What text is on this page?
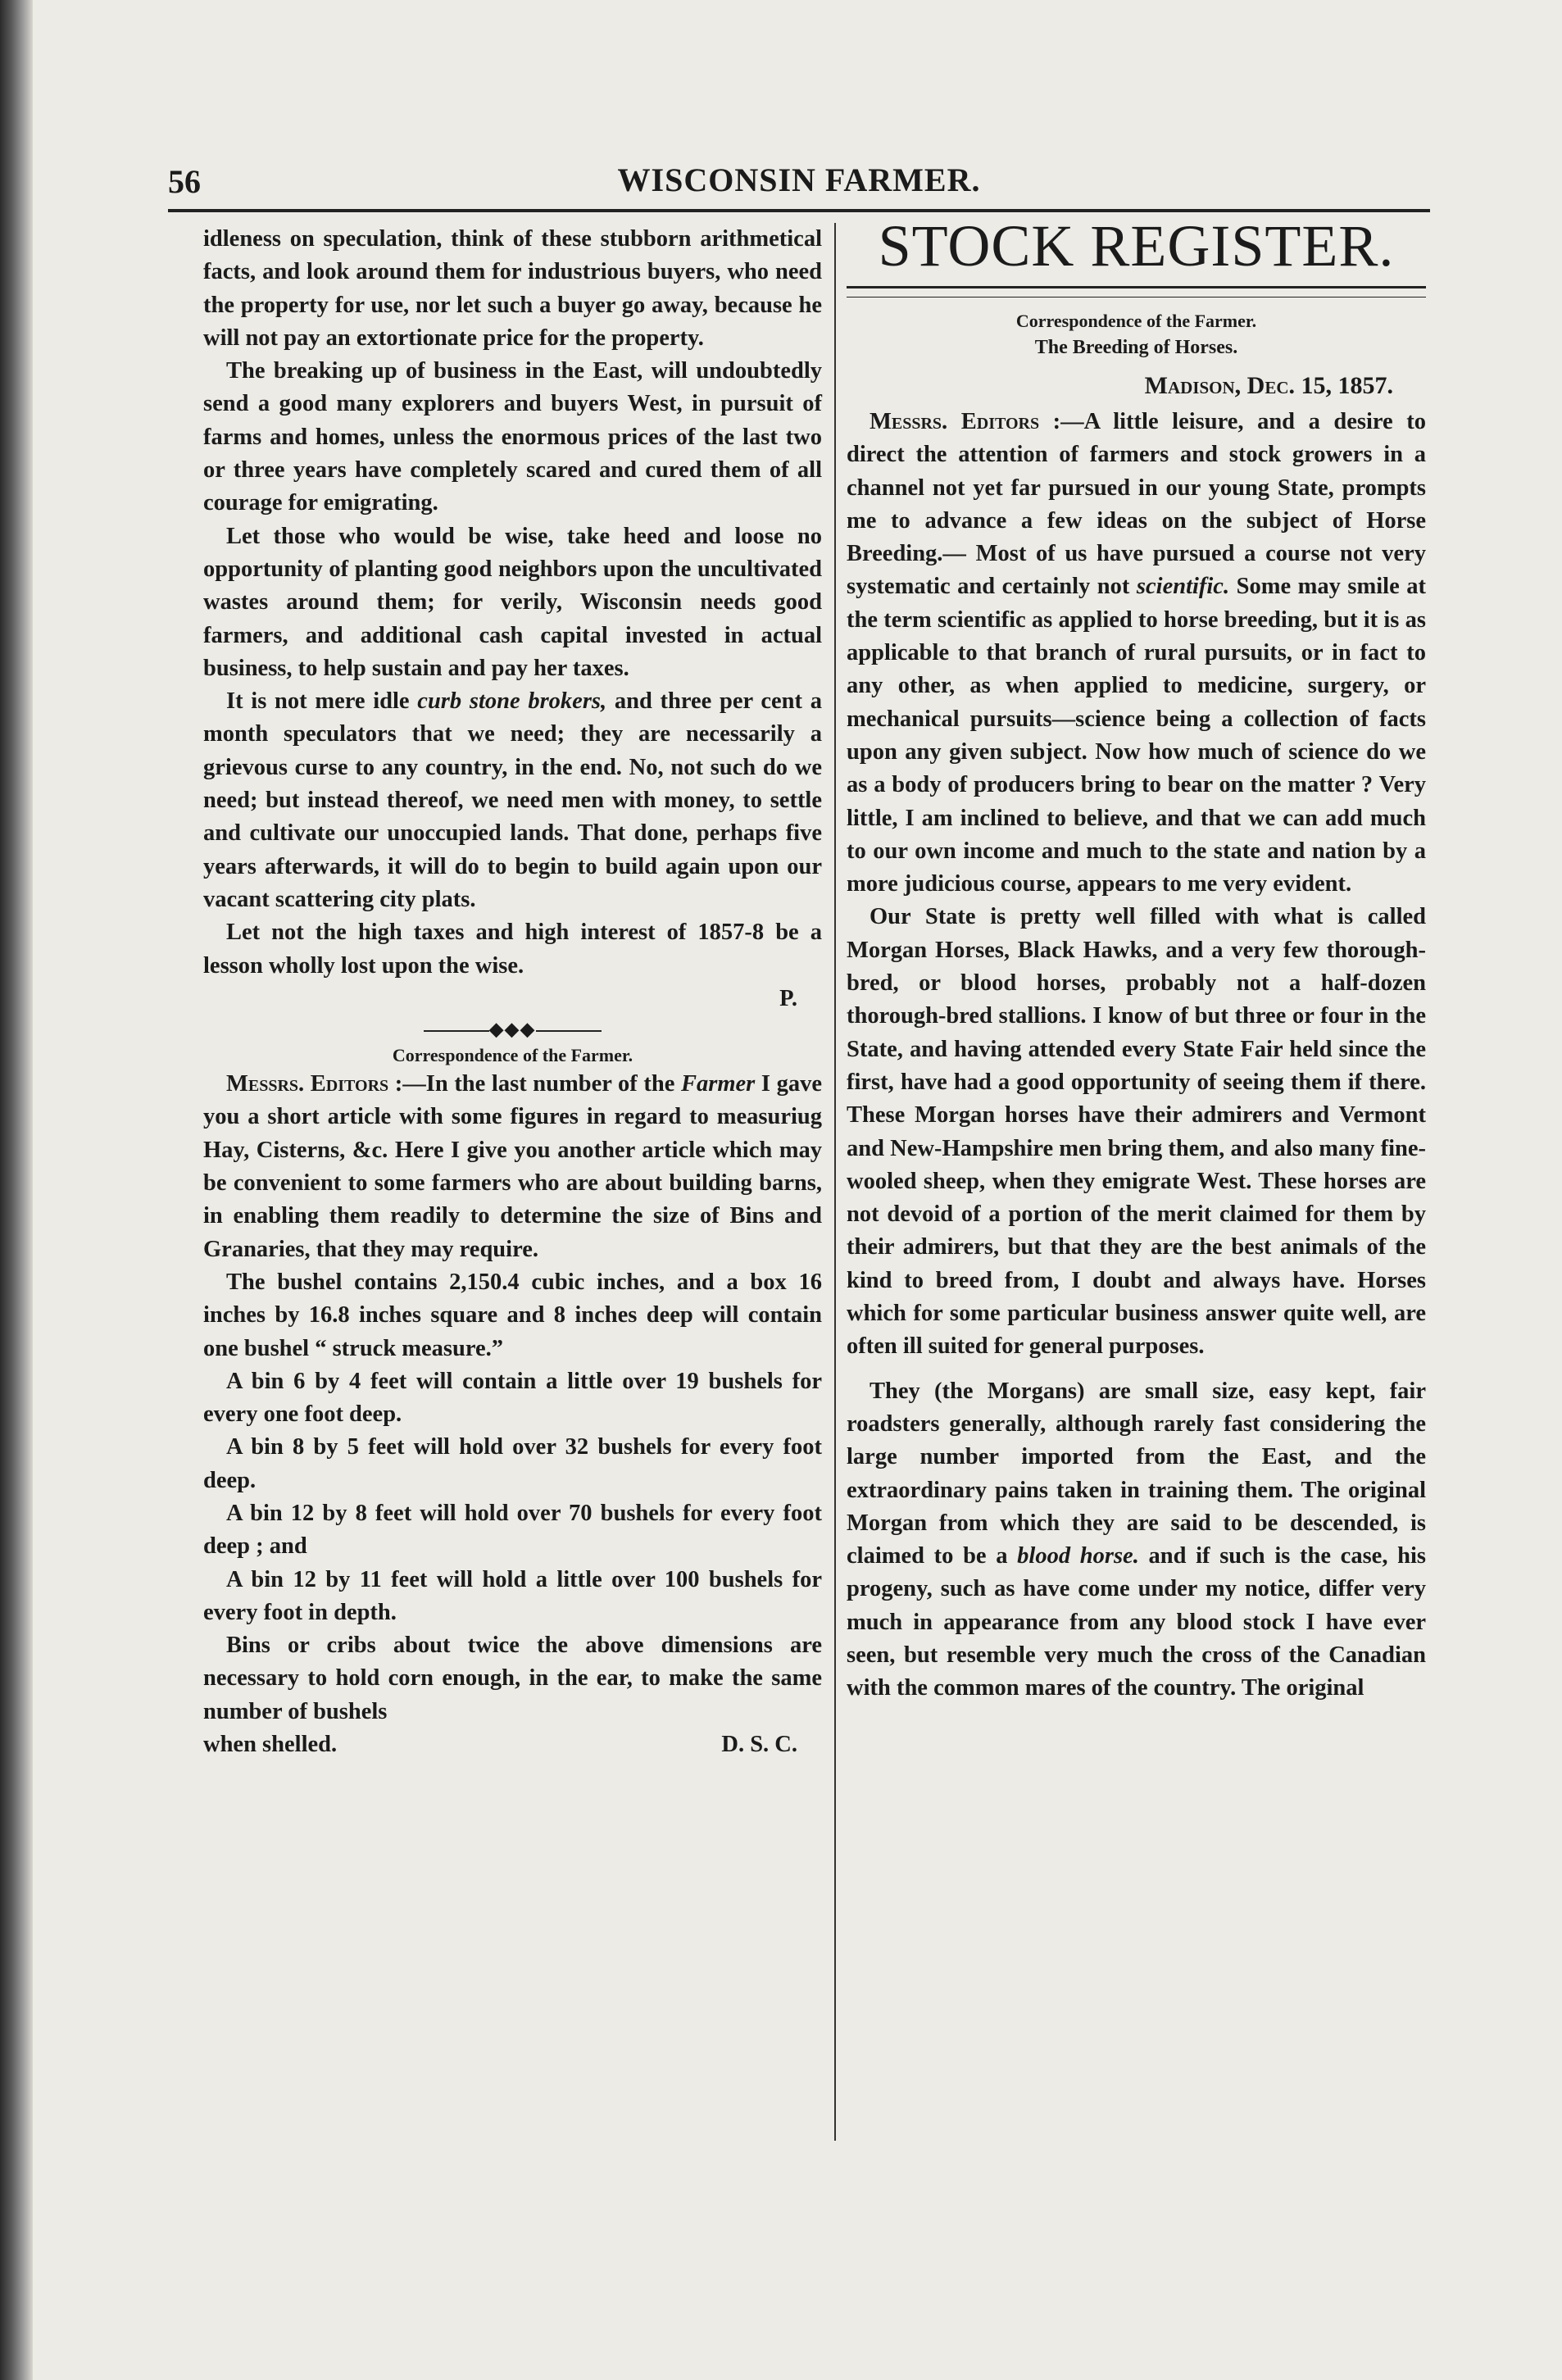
56	WISCONSIN FARMER.

idleness on speculation, think of these stubborn arithmetical facts, and look around them for industrious buyers, who need the property for use, nor let such a buyer go away, because he will not pay an extortionate price for the property.

The breaking up of business in the East, will undoubtedly send a good many explorers and buyers West, in pursuit of farms and homes, unless the enormous prices of the last two or three years have completely scared and cured them of all courage for emigrating.

Let those who would be wise, take heed and loose no opportunity of planting good neighbors upon the uncultivated wastes around them; for verily, Wisconsin needs good farmers, and additional cash capital invested in actual business, to help sustain and pay her taxes.

It is not mere idle curb stone brokers, and three per cent a month speculators that we need; they are necessarily a grievous curse to any country, in the end. No, not such do we need; but instead thereof, we need men with money, to settle and cultivate our unoccupied lands. That done, perhaps five years afterwards, it will do to begin to build again upon our vacant scattering city plats.

Let not the high taxes and high interest of 1857-8 be a lesson wholly lost upon the wise.

P.

◆◆◆
Correspondence of the Farmer.

Messrs. Editors :—In the last number of the Farmer I gave you a short article with some figures in regard to measuriug Hay, Cisterns, &c. Here I give you another article which may be convenient to some farmers who are about building barns, in enabling them readily to determine the size of Bins and Granaries, that they may require.

The bushel contains 2,150.4 cubic inches, and a box 16 inches by 16.8 inches square and 8 inches deep will contain one bushel “ struck measure.”

A bin 6 by 4 feet will contain a little over 19 bushels for every one foot deep.

A bin 8 by 5 feet will hold over 32 bushels for every foot deep.

A bin 12 by 8 feet will hold over 70 bushels for every foot deep ; and

A bin 12 by 11 feet will hold a little over 100 bushels for every foot in depth.

Bins or cribs about twice the above dimensions are necessary to hold corn enough, in the ear, to make the same number of bushels

when shelled.	D. S. C.
STOCK REGISTER.
Correspondence of the Farmer.
The Breeding of Horses.
Madison, Dec. 15, 1857.

Messrs. Editors :—A little leisure, and a desire to direct the attention of farmers and stock growers in a channel not yet far pursued in our young State, prompts me to advance a few ideas on the subject of Horse Breeding.— Most of us have pursued a course not very systematic and certainly not scientific. Some may smile at the term scientific as applied to horse breeding, but it is as applicable to that branch of rural pursuits, or in fact to any other, as when applied to medicine, surgery, or mechanical pursuits—science being a collection of facts upon any given subject. Now how much of science do we as a body of producers bring to bear on the matter ? Very little, I am inclined to believe, and that we can add much to our own income and much to the state and nation by a more judicious course, appears to me very evident.

Our State is pretty well filled with what is called Morgan Horses, Black Hawks, and a very few thorough-bred, or blood horses, probably not a half-dozen thorough-bred stallions. I know of but three or four in the State, and having attended every State Fair held since the first, have had a good opportunity of seeing them if there. These Morgan horses have their admirers and Vermont and New-Hampshire men bring them, and also many fine-wooled sheep, when they emigrate West. These horses are not devoid of a portion of the merit claimed for them by their admirers, but that they are the best animals of the kind to breed from, I doubt and always have. Horses which for some particular business answer quite well, are often ill suited for general purposes.

They (the Morgans) are small size, easy kept, fair roadsters generally, although rarely fast considering the large number imported from the East, and the extraordinary pains taken in training them. The original Morgan from which they are said to be descended, is claimed to be a blood horse. and if such is the case, his progeny, such as have come under my notice, differ very much in appearance from any blood stock I have ever seen, but resemble very much the cross of the Canadian with the common mares of the country. The original
